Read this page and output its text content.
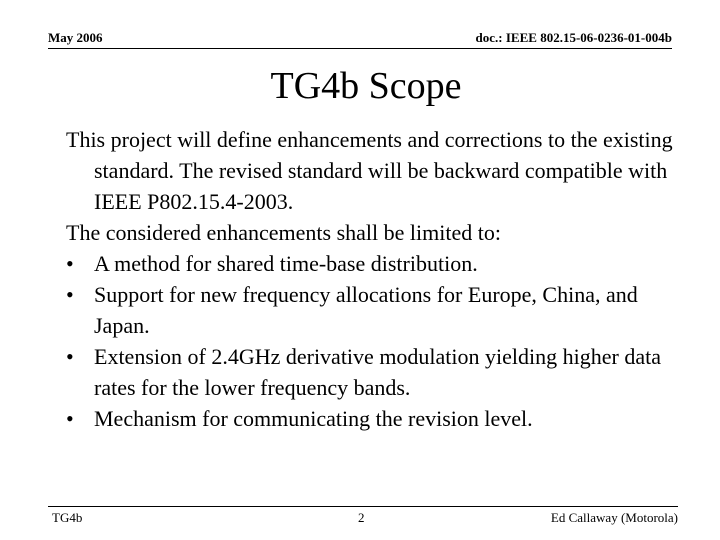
May 2006	doc.: IEEE 802.15-06-0236-01-004b
TG4b Scope

This project will define enhancements and corrections to the existing standard. The revised standard will be backward compatible with IEEE P802.15.4-2003.

The considered enhancements shall be limited to:

• A method for shared time-base distribution.
• Support for new frequency allocations for Europe, China, and Japan.
• Extension of 2.4GHz derivative modulation yielding higher data rates for the lower frequency bands.
• Mechanism for communicating the revision level.
TG4b	2	Ed Callaway (Motorola)
